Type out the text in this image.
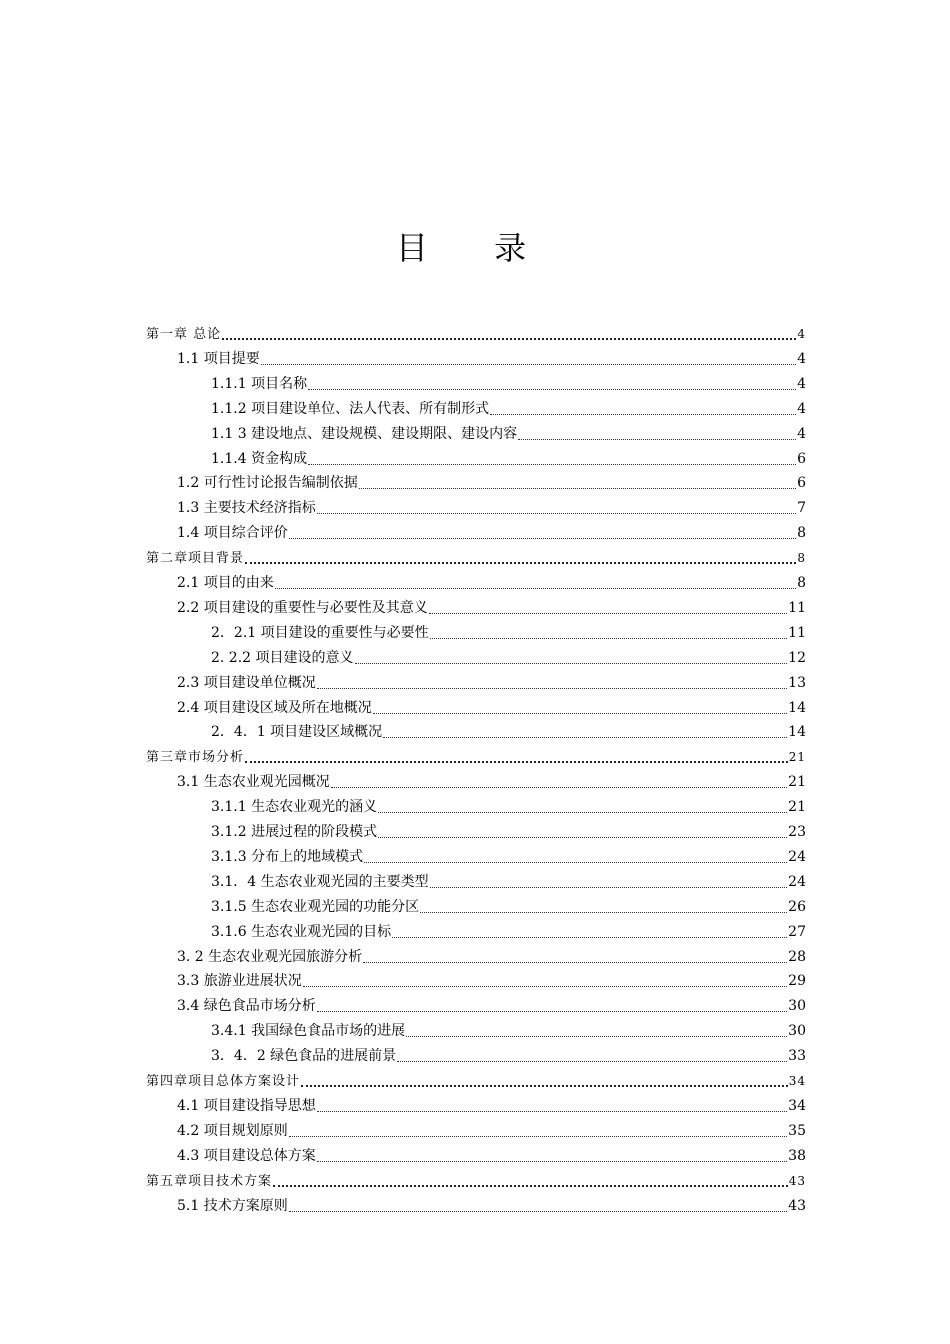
目 录
第一章 总论	4
1.1 项目提要	4
1.1.1 项目名称	4
1.1.2 项目建设单位、法人代表、所有制形式	4
1.1 3 建设地点、建设规模、建设期限、建设内容	4
1.1.4 资金构成	6
1.2 可行性讨论报告编制依据	6
1.3 主要技术经济指标	7
1.4 项目综合评价	8
第二章项目背景	8
2.1 项目的由来	8
2.2 项目建设的重要性与必要性及其意义	11
2．2.1 项目建设的重要性与必要性	11
2. 2.2 项目建设的意义	12
2.3 项目建设单位概况	13
2.4 项目建设区域及所在地概况	14
2．4．1 项目建设区域概况	14
第三章市场分析	21
3.1 生态农业观光园概况	21
3.1.1 生态农业观光的涵义	21
3.1.2 进展过程的阶段模式	23
3.1.3 分布上的地域模式	24
3.1．4 生态农业观光园的主要类型	24
3.1.5 生态农业观光园的功能分区	26
3.1.6 生态农业观光园的目标	27
3. 2 生态农业观光园旅游分析	28
3.3 旅游业进展状况	29
3.4 绿色食品市场分析	30
3.4.1 我国绿色食品市场的进展	30
3．4．2 绿色食品的进展前景	33
第四章项目总体方案设计	34
4.1 项目建设指导思想	34
4.2 项目规划原则	35
4.3 项目建设总体方案	38
第五章项目技术方案	43
5.1 技术方案原则	43
